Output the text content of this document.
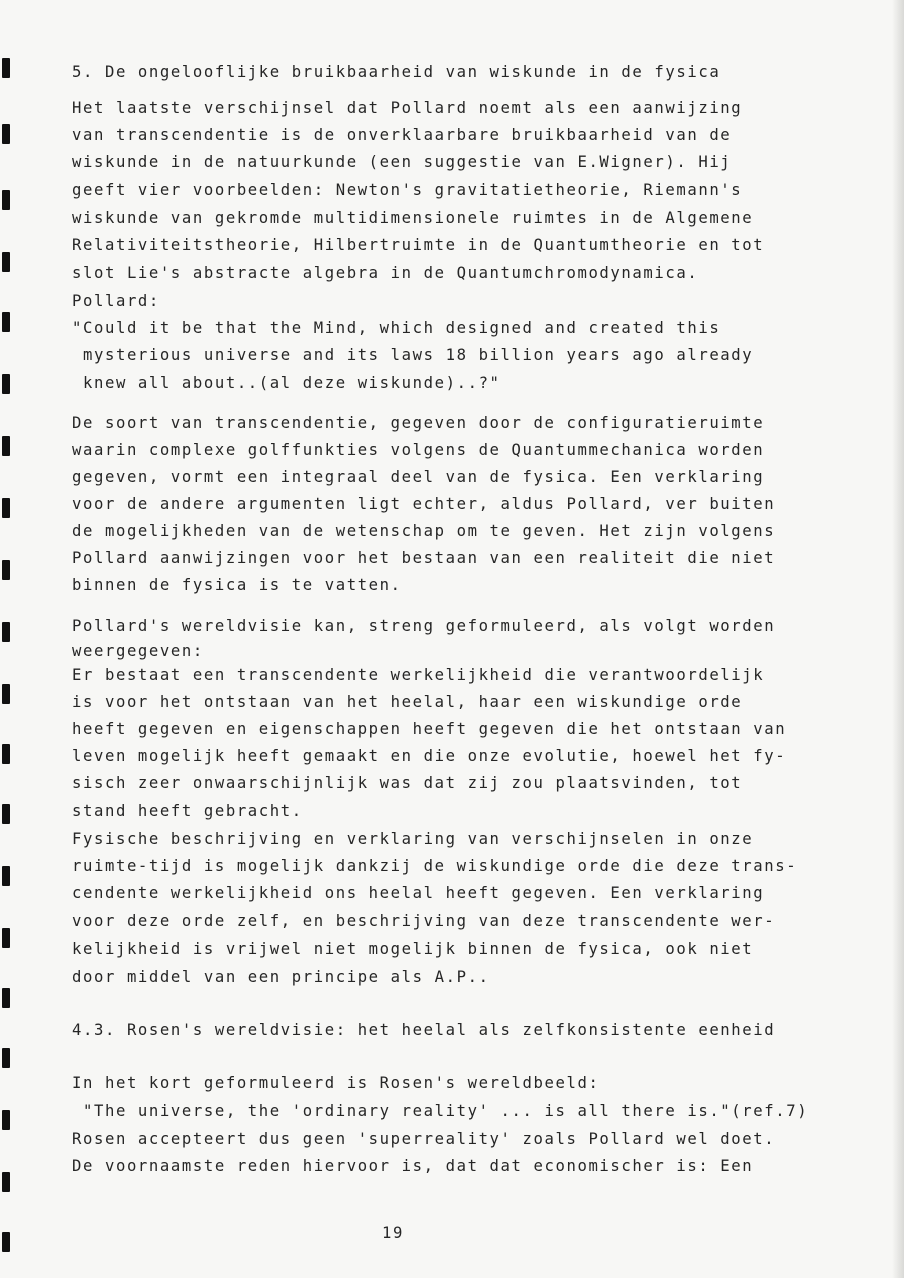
5. De ongelooflijke bruikbaarheid van wiskunde in de fysica

Het laatste verschijnsel dat Pollard noemt als een aanwijzing

van transcendentie is de onverklaarbare bruikbaarheid van de

wiskunde in de natuurkunde (een suggestie van E.Wigner). Hij

geeft vier voorbeelden: Newton's gravitatietheorie, Riemann's

wiskunde van gekromde multidimensionele ruimtes in de Algemene

Relativiteitstheorie, Hilbertruimte in de Quantumtheorie en tot

slot Lie's abstracte algebra in de Quantumchromodynamica.

Pollard:

"Could it be that the Mind, which designed and created this

mysterious universe and its laws 18 billion years ago already

knew all about..(al deze wiskunde)..?"

De soort van transcendentie, gegeven door de configuratieruimte

waarin complexe golffunkties volgens de Quantummechanica worden

gegeven, vormt een integraal deel van de fysica. Een verklaring

voor de andere argumenten ligt echter, aldus Pollard, ver buiten

de mogelijkheden van de wetenschap om te geven. Het zijn volgens

Pollard aanwijzingen voor het bestaan van een realiteit die niet

binnen de fysica is te vatten.

Pollard's wereldvisie kan, streng geformuleerd, als volgt worden

weergegeven:

Er bestaat een transcendente werkelijkheid die verantwoordelijk

is voor het ontstaan van het heelal, haar een wiskundige orde

heeft gegeven en eigenschappen heeft gegeven die het ontstaan van

leven mogelijk heeft gemaakt en die onze evolutie, hoewel het fy-

sisch zeer onwaarschijnlijk was dat zij zou plaatsvinden, tot

stand heeft gebracht.

Fysische beschrijving en verklaring van verschijnselen in onze

ruimte-tijd is mogelijk dankzij de wiskundige orde die deze trans-

cendente werkelijkheid ons heelal heeft gegeven. Een verklaring

voor deze orde zelf, en beschrijving van deze transcendente wer-

kelijkheid is vrijwel niet mogelijk binnen de fysica, ook niet

door middel van een principe als A.P..

4.3. Rosen's wereldvisie: het heelal als zelfkonsistente eenheid

In het kort geformuleerd is Rosen's wereldbeeld:

"The universe, the 'ordinary reality' ... is all there is."(ref.7)

Rosen accepteert dus geen 'superreality' zoals Pollard wel doet.

De voornaamste reden hiervoor is, dat dat economischer is: Een

19
